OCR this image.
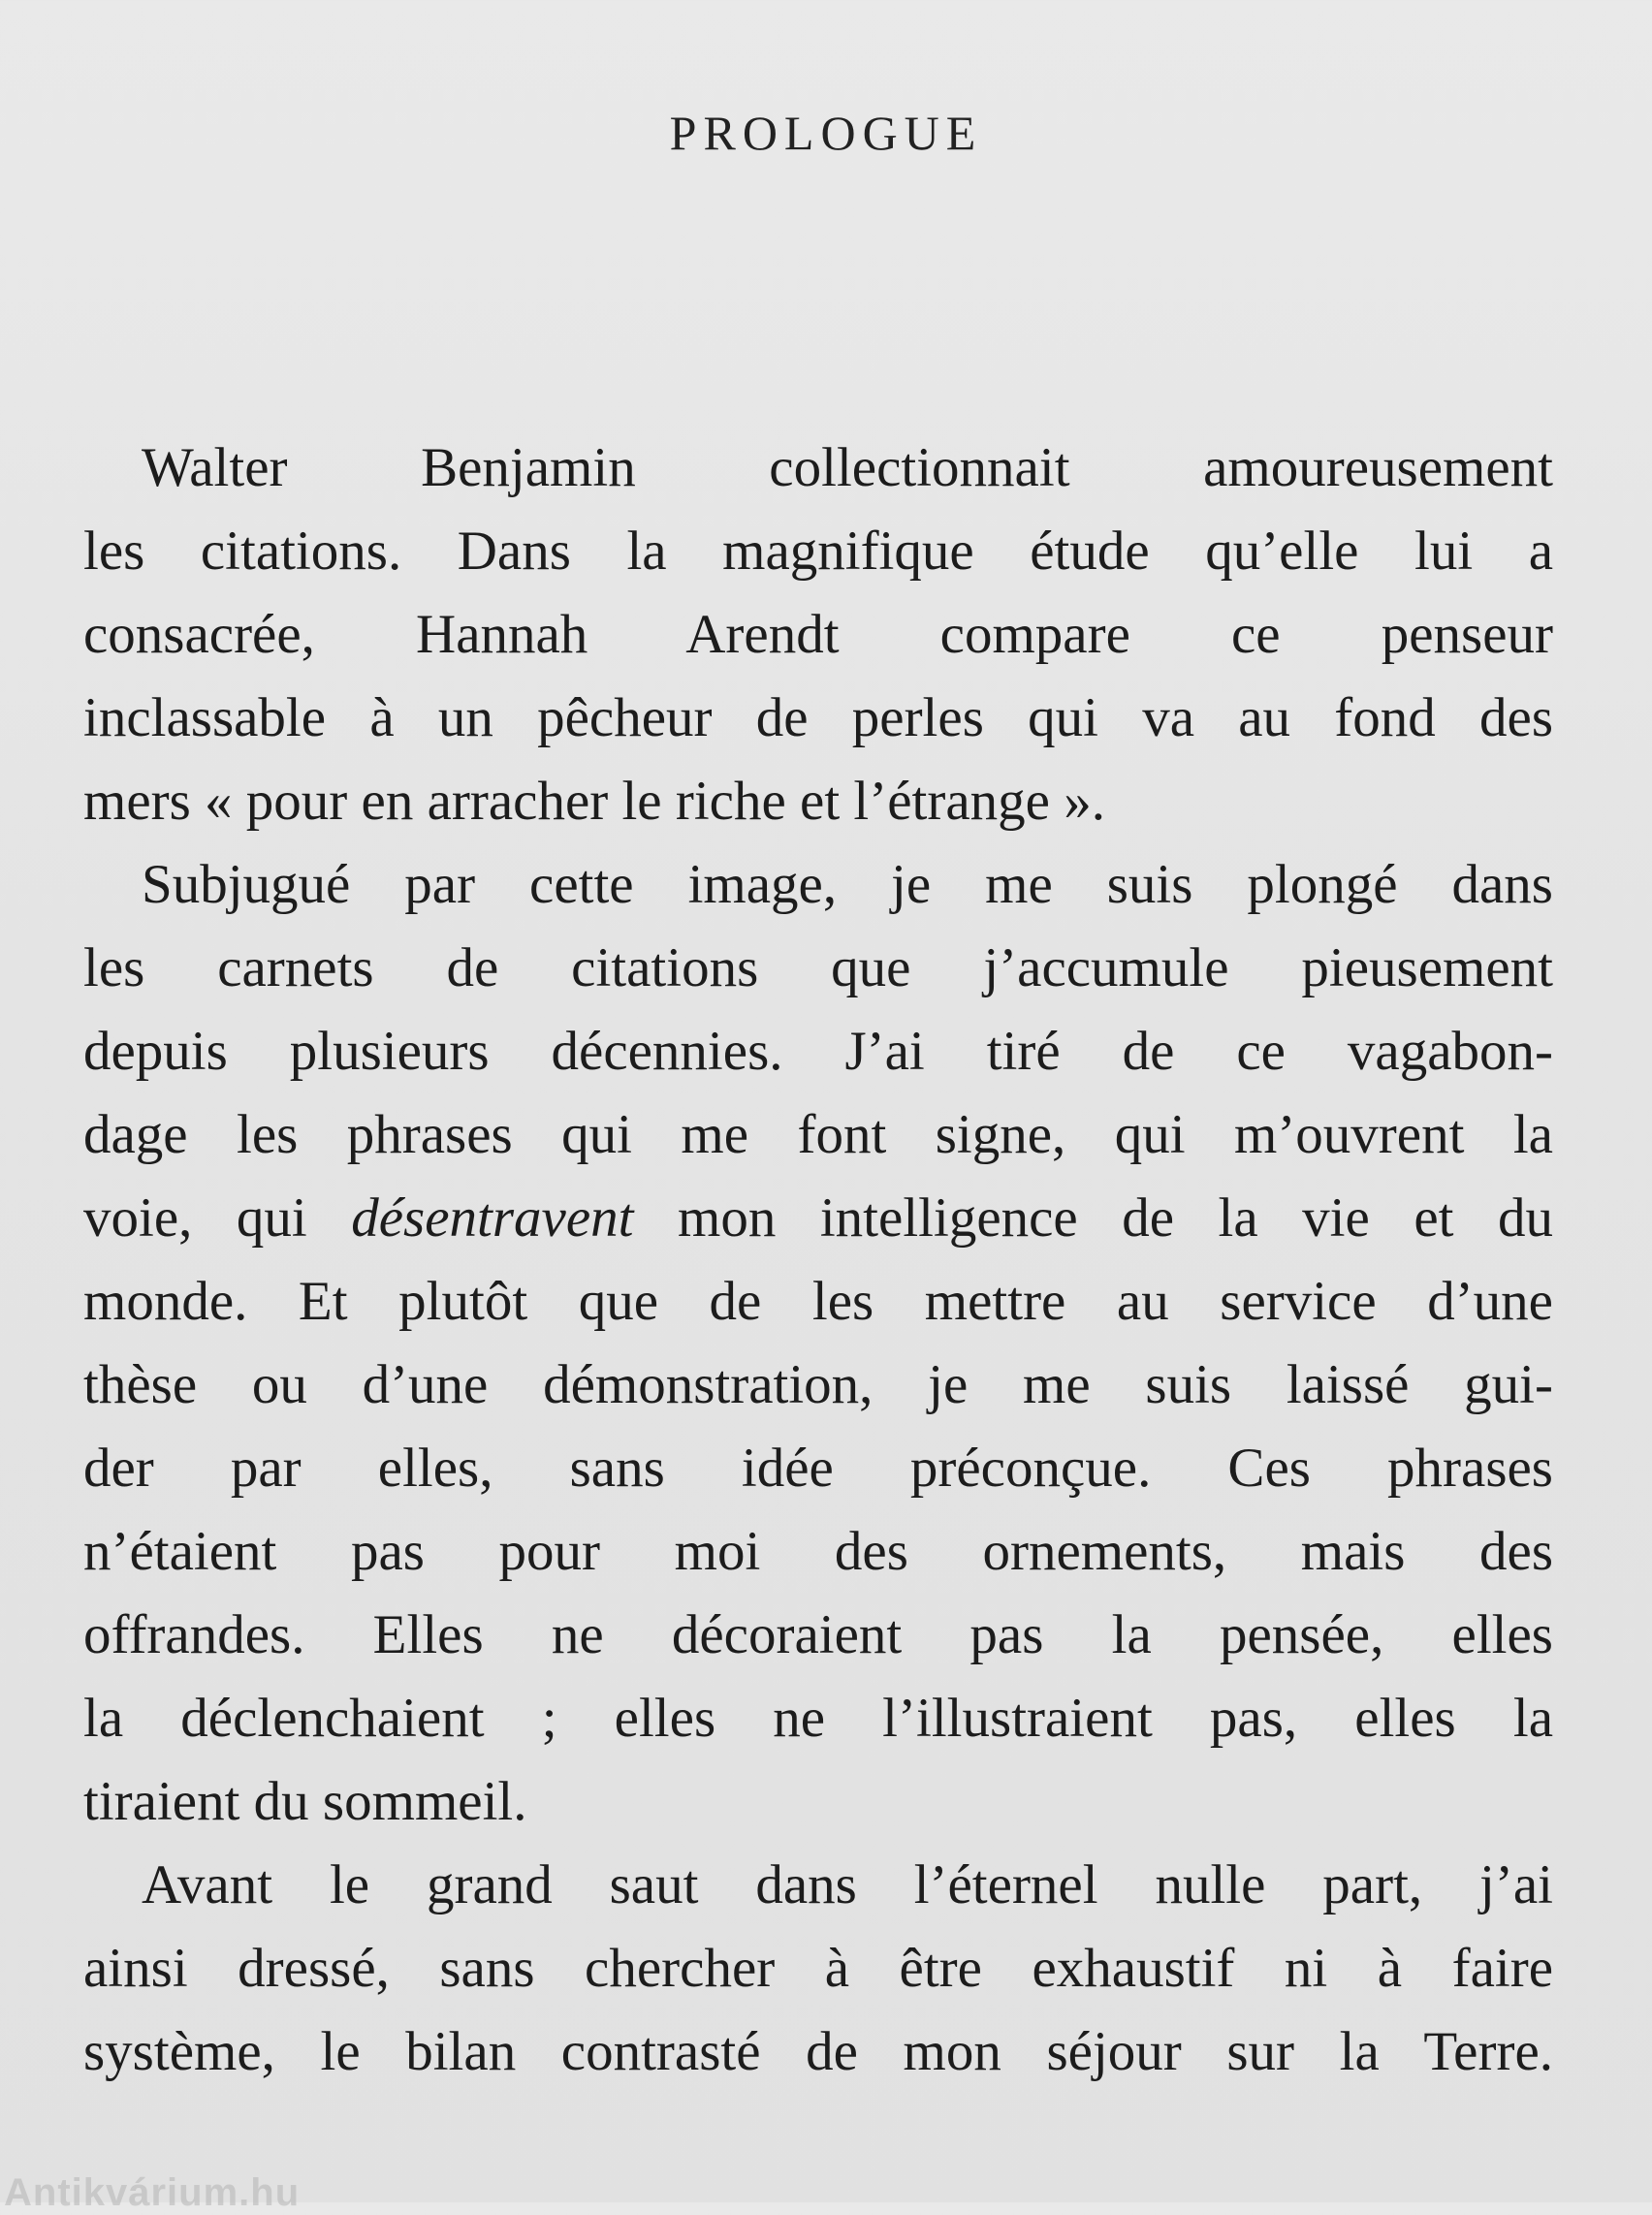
PROLOGUE
Walter Benjamin collectionnait amoureusement
les citations. Dans la magnifique étude qu’elle lui a
consacrée, Hannah Arendt compare ce penseur
inclassable à un pêcheur de perles qui va au fond des
mers « pour en arracher le riche et l’étrange ».
Subjugué par cette image, je me suis plongé dans
les carnets de citations que j’accumule pieusement
depuis plusieurs décennies. J’ai tiré de ce vagabon-
dage les phrases qui me font signe, qui m’ouvrent la
voie, qui désentravent mon intelligence de la vie et du
monde. Et plutôt que de les mettre au service d’une
thèse ou d’une démonstration, je me suis laissé gui-
der par elles, sans idée préconçue. Ces phrases
n’étaient pas pour moi des ornements, mais des
offrandes. Elles ne décoraient pas la pensée, elles
la déclenchaient ; elles ne l’illustraient pas, elles la
tiraient du sommeil.
Avant le grand saut dans l’éternel nulle part, j’ai
ainsi dressé, sans chercher à être exhaustif ni à faire
système, le bilan contrasté de mon séjour sur la Terre.
Antikvárium.hu
